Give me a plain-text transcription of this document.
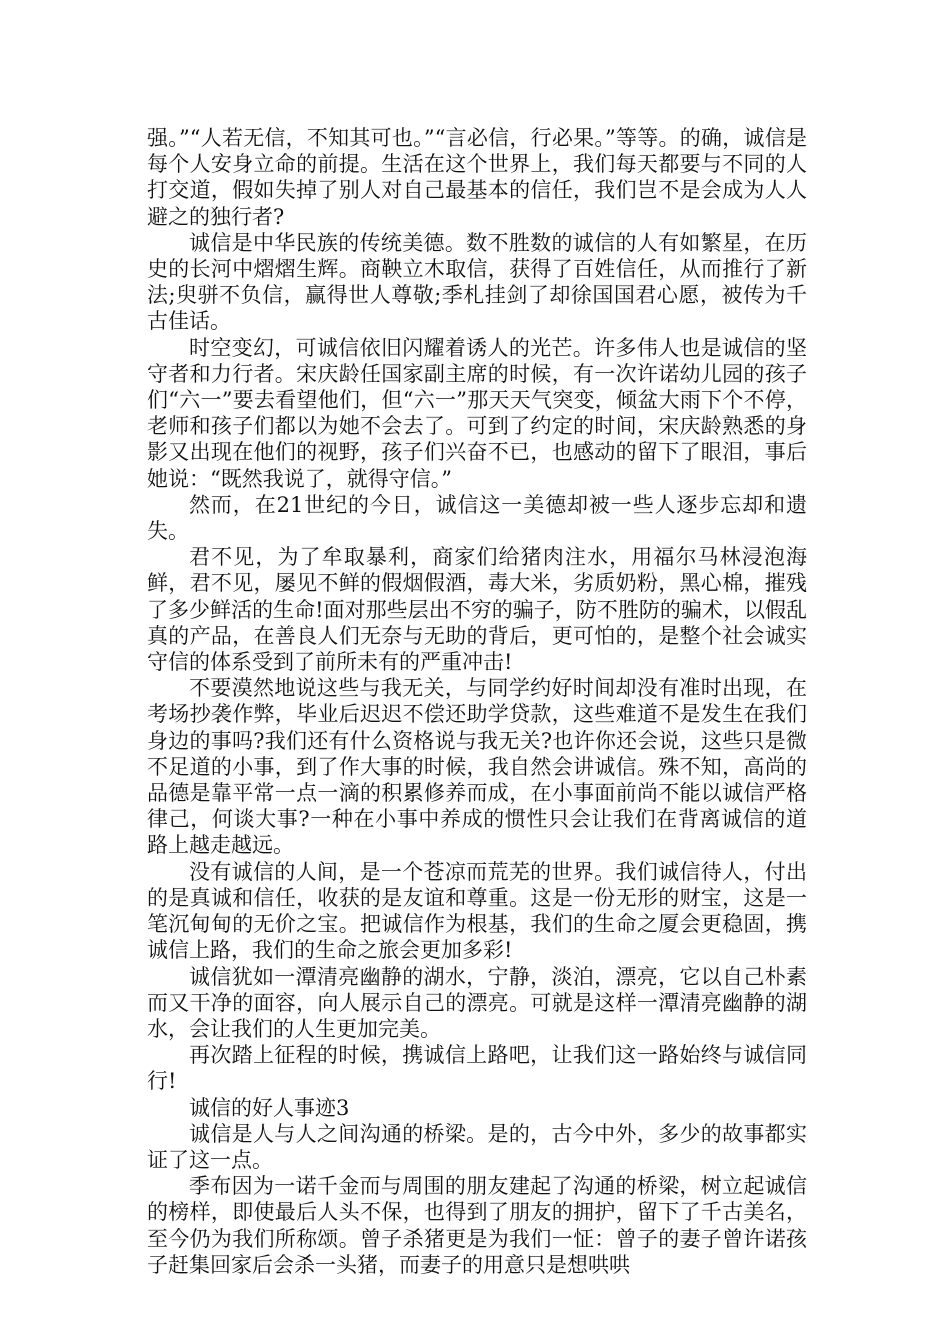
强。”“人若无信，不知其可也。”“言必信，行必果。”等等。的确，诚信是每个人安身立命的前提。生活在这个世界上，我们每天都要与不同的人打交道，假如失掉了别人对自己最基本的信任，我们岂不是会成为人人避之的独行者?

诚信是中华民族的传统美德。数不胜数的诚信的人有如繁星，在历史的长河中熠熠生辉。商鞅立木取信，获得了百姓信任，从而推行了新法;臾骈不负信，赢得世人尊敬;季札挂剑了却徐国国君心愿，被传为千古佳话。

时空变幻，可诚信依旧闪耀着诱人的光芒。许多伟人也是诚信的坚守者和力行者。宋庆龄任国家副主席的时候，有一次许诺幼儿园的孩子们“六一”要去看望他们，但“六一”那天天气突变，倾盆大雨下个不停，老师和孩子们都以为她不会去了。可到了约定的时间，宋庆龄熟悉的身影又出现在他们的视野，孩子们兴奋不已，也感动的留下了眼泪，事后她说：“既然我说了，就得守信。”

然而，在21世纪的今日，诚信这一美德却被一些人逐步忘却和遗失。

君不见，为了牟取暴利，商家们给猪肉注水，用福尔马林浸泡海鲜，君不见，屡见不鲜的假烟假酒，毒大米，劣质奶粉，黑心棉，摧残了多少鲜活的生命!面对那些层出不穷的骗子，防不胜防的骗术，以假乱真的产品，在善良人们无奈与无助的背后，更可怕的，是整个社会诚实守信的体系受到了前所未有的严重冲击!

不要漠然地说这些与我无关，与同学约好时间却没有准时出现，在考场抄袭作弊，毕业后迟迟不偿还助学贷款，这些难道不是发生在我们身边的事吗?我们还有什么资格说与我无关?也许你还会说，这些只是微不足道的小事，到了作大事的时候，我自然会讲诚信。殊不知，高尚的品德是靠平常一点一滴的积累修养而成，在小事面前尚不能以诚信严格律己，何谈大事?一种在小事中养成的惯性只会让我们在背离诚信的道路上越走越远。

没有诚信的人间，是一个苍凉而荒芜的世界。我们诚信待人，付出的是真诚和信任，收获的是友谊和尊重。这是一份无形的财宝，这是一笔沉甸甸的无价之宝。把诚信作为根基，我们的生命之厦会更稳固，携诚信上路，我们的生命之旅会更加多彩!

诚信犹如一潭清亮幽静的湖水，宁静，淡泊，漂亮，它以自己朴素而又干净的面容，向人展示自己的漂亮。可就是这样一潭清亮幽静的湖水，会让我们的人生更加完美。

再次踏上征程的时候，携诚信上路吧，让我们这一路始终与诚信同行!

诚信的好人事迹3

诚信是人与人之间沟通的桥梁。是的，古今中外，多少的故事都实证了这一点。

季布因为一诺千金而与周围的朋友建起了沟通的桥梁，树立起诚信的榜样，即使最后人头不保，也得到了朋友的拥护，留下了千古美名，至今仍为我们所称颂。曾子杀猪更是为我们一怔：曾子的妻子曾许诺孩子赶集回家后会杀一头猪，而妻子的用意只是想哄哄
